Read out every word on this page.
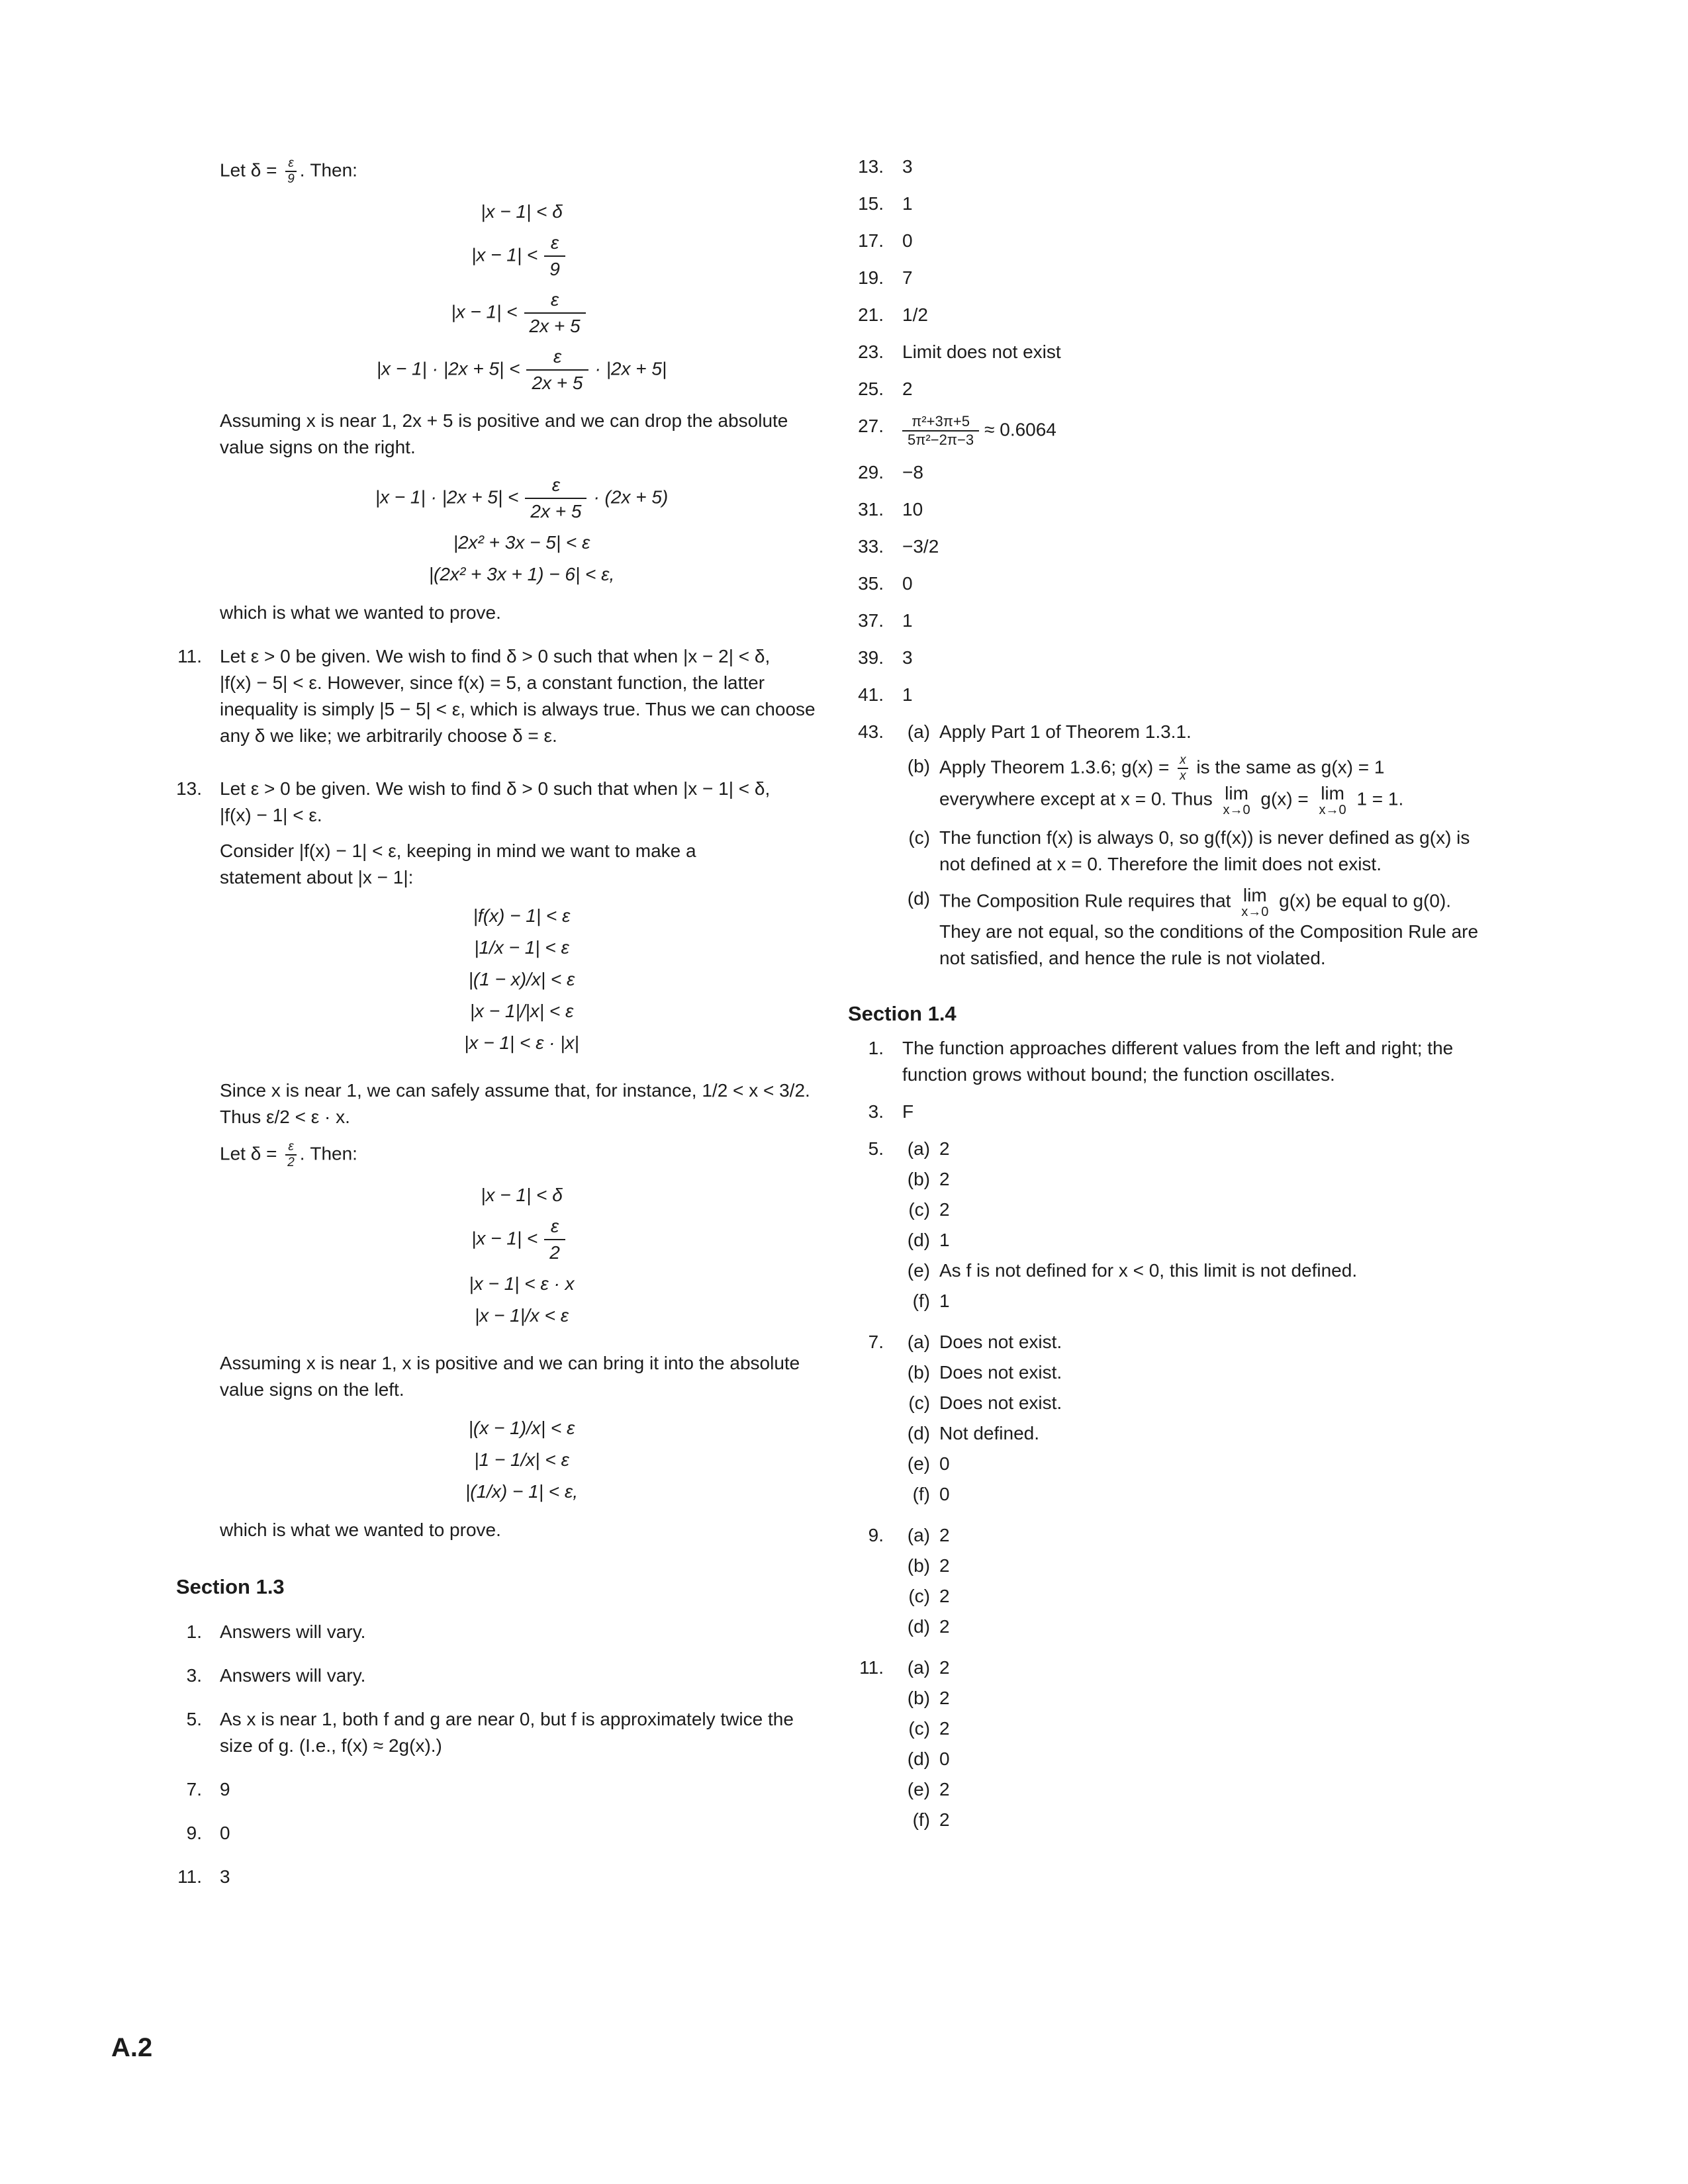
Let $\delta = \frac{\varepsilon}{9}$ . Then:

|x − 1| < δ
$|x - 1| < \frac{\varepsilon}{9}$
$|x - 1| < \frac{\varepsilon}{2x + 5}$
$|x - 1| \cdot |2x + 5| < \frac{\varepsilon}{2x + 5} \cdot |2x + 5|$

Assuming x is near 1, 2x + 5 is positive and we can drop the absolute value signs on the right.

$|x - 1| \cdot |2x + 5| < \frac{\varepsilon}{2x + 5} \cdot (2x + 5)$
|2x² + 3x − 5| < ε
|(2x² + 3x + 1) − 6| < ε,

which is what we wanted to prove.

11. Let ε > 0 be given. We wish to find δ > 0 such that when |x − 2| < δ, |f(x) − 5| < ε. However, since f(x) = 5, a constant function, the latter inequality is simply |5 − 5| < ε, which is always true. Thus we can choose any δ we like; we arbitrarily choose δ = ε.

13. Let ε > 0 be given. We wish to find δ > 0 such that when |x − 1| < δ, |f(x) − 1| < ε.

Consider |f(x) − 1| < ε, keeping in mind we want to make a statement about |x − 1|:

|f(x) − 1| < ε
|1/x − 1| < ε
|(1 − x)/x| < ε
|x − 1|/|x| < ε
|x − 1| < ε · |x|

Since x is near 1, we can safely assume that, for instance, 1/2 < x < 3/2. Thus ε/2 < ε · x.

Let $\delta = \frac{\varepsilon}{2}$ . Then:

|x − 1| < δ
$|x - 1| < \frac{\varepsilon}{2}$
|x − 1| < ε · x
|x − 1|/x < ε

Assuming x is near 1, x is positive and we can bring it into the absolute value signs on the left.

|(x − 1)/x| < ε
|1 − 1/x| < ε
|(1/x) − 1| < ε,

which is what we wanted to prove.

Section 1.3
1. Answers will vary.
3. Answers will vary.
5. As x is near 1, both f and g are near 0, but f is approximately twice the size of g. (I.e., f(x) ≈ 2g(x).)
7. 9
9. 0
11. 3
13. 3
15. 1
17. 0
19. 7
21. 1/2
23. Limit does not exist
25. 2
27. $\frac{\text{π²+3π+5}}{\text{5π²−2π−3}} \approx 0.6064$
29. −8
31. 10
33. −3/2
35. 0
37. 1
39. 3
41. 1
43. (a) Apply Part 1 of Theorem 1.3.1.
(b) Apply Theorem 1.3.6; $g(x) = \frac{x}{x}$ is the same as g(x) = 1 everywhere except at x = 0. Thus lim
x→0
g(x) = lim
x→0
1 = 1.
(c) The function f(x) is always 0, so g(f(x)) is never defined as g(x) is not defined at x = 0. Therefore the limit does not exist.
(d) The Composition Rule requires that lim
x→0
g(x) be equal to g(0). They are not equal, so the conditions of the Composition Rule are not satisfied, and hence the rule is not violated.
Section 1.4
1. The function approaches different values from the left and right; the function grows without bound; the function oscillates.
3. F
5. (a) 2
(b) 2
(c) 2
(d) 1
(e) As f is not defined for x < 0, this limit is not defined.
(f) 1
7. (a) Does not exist.
(b) Does not exist.
(c) Does not exist.
(d) Not defined.
(e) 0
(f) 0
9. (a) 2
(b) 2
(c) 2
(d) 2
11. (a) 2
(b) 2
(c) 2
(d) 0
(e) 2
(f) 2
A.2
